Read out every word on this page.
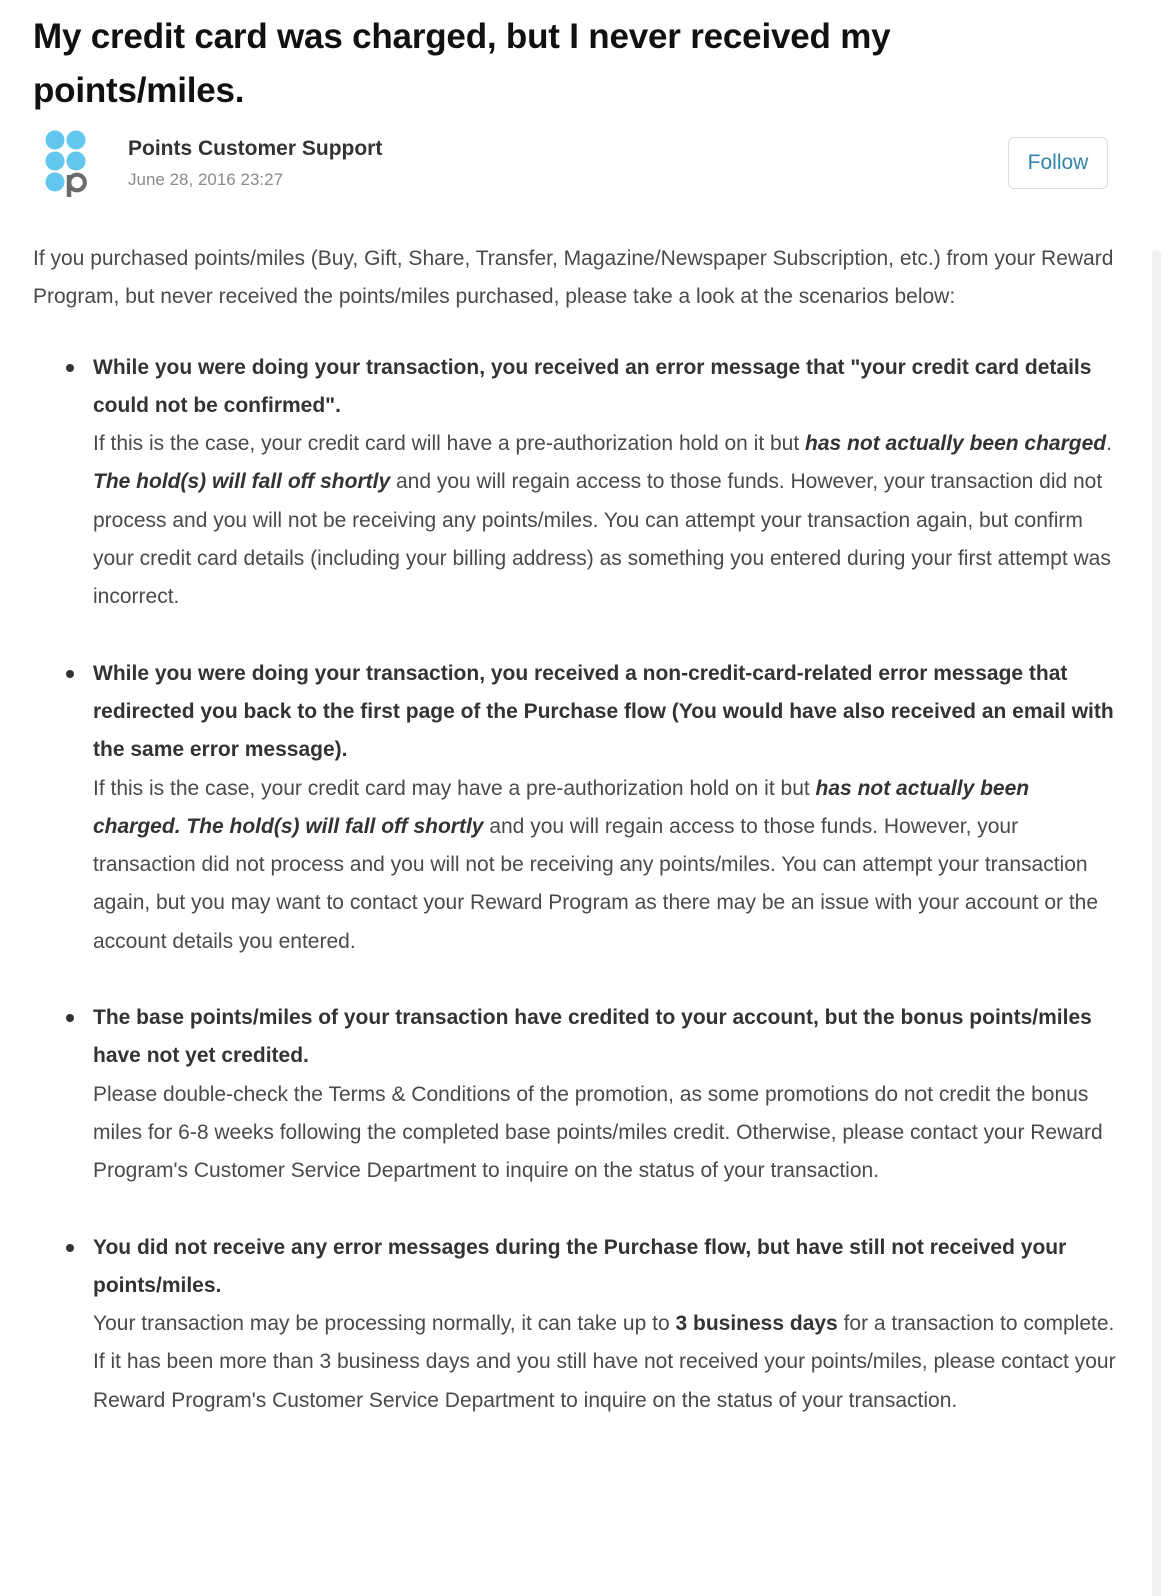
My credit card was charged, but I never received my points/miles.
Points Customer Support
June 28, 2016 23:27
Follow

If you purchased points/miles (Buy, Gift, Share, Transfer, Magazine/Newspaper Subscription, etc.) from your Reward Program, but never received the points/miles purchased, please take a look at the scenarios below:

While you were doing your transaction, you received an error message that "your credit card details could not be confirmed".
If this is the case, your credit card will have a pre-authorization hold on it but has not actually been charged. The hold(s) will fall off shortly and you will regain access to those funds. However, your transaction did not process and you will not be receiving any points/miles. You can attempt your transaction again, but confirm your credit card details (including your billing address) as something you entered during your first attempt was incorrect.
While you were doing your transaction, you received a non-credit-card-related error message that redirected you back to the first page of the Purchase flow (You would have also received an email with the same error message).
If this is the case, your credit card may have a pre-authorization hold on it but has not actually been charged. The hold(s) will fall off shortly and you will regain access to those funds. However, your transaction did not process and you will not be receiving any points/miles. You can attempt your transaction again, but you may want to contact your Reward Program as there may be an issue with your account or the account details you entered.
The base points/miles of your transaction have credited to your account, but the bonus points/miles have not yet credited.
Please double-check the Terms & Conditions of the promotion, as some promotions do not credit the bonus miles for 6-8 weeks following the completed base points/miles credit. Otherwise, please contact your Reward Program's Customer Service Department to inquire on the status of your transaction.
You did not receive any error messages during the Purchase flow, but have still not received your points/miles.
Your transaction may be processing normally, it can take up to 3 business days for a transaction to complete. If it has been more than 3 business days and you still have not received your points/miles, please contact your Reward Program's Customer Service Department to inquire on the status of your transaction.
